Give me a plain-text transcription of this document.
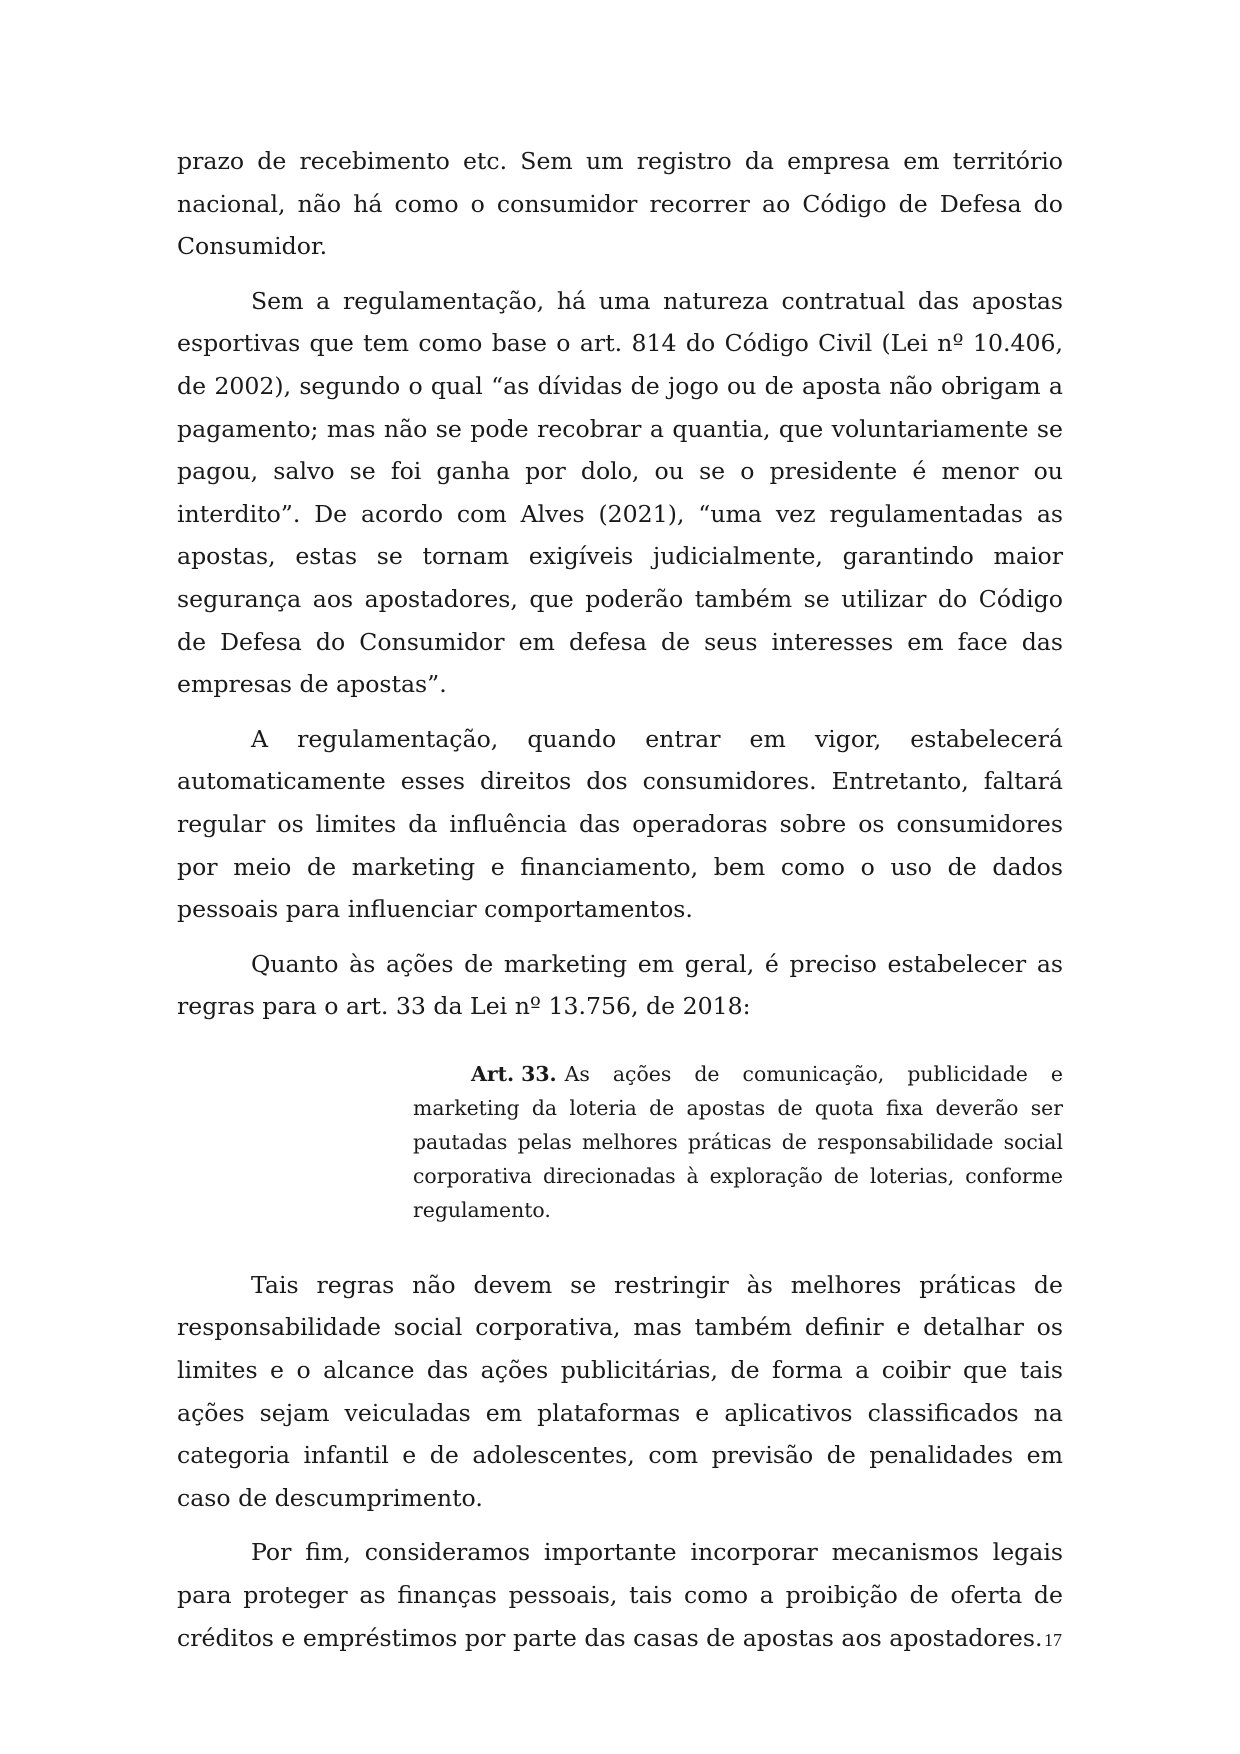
prazo de recebimento etc. Sem um registro da empresa em território nacional, não há como o consumidor recorrer ao Código de Defesa do Consumidor.

Sem a regulamentação, há uma natureza contratual das apostas esportivas que tem como base o art. 814 do Código Civil (Lei nº 10.406, de 2002), segundo o qual “as dívidas de jogo ou de aposta não obrigam a pagamento; mas não se pode recobrar a quantia, que voluntariamente se pagou, salvo se foi ganha por dolo, ou se o presidente é menor ou interdito”. De acordo com Alves (2021), “uma vez regulamentadas as apostas, estas se tornam exigíveis judicialmente, garantindo maior segurança aos apostadores, que poderão também se utilizar do Código de Defesa do Consumidor em defesa de seus interesses em face das empresas de apostas”.

A regulamentação, quando entrar em vigor, estabelecerá automaticamente esses direitos dos consumidores. Entretanto, faltará regular os limites da influência das operadoras sobre os consumidores por meio de marketing e financiamento, bem como o uso de dados pessoais para influenciar comportamentos.

Quanto às ações de marketing em geral, é preciso estabelecer as regras para o art. 33 da Lei nº 13.756, de 2018:

Art. 33. As ações de comunicação, publicidade e marketing da loteria de apostas de quota fixa deverão ser pautadas pelas melhores práticas de responsabilidade social corporativa direcionadas à exploração de loterias, conforme regulamento.

Tais regras não devem se restringir às melhores práticas de responsabilidade social corporativa, mas também definir e detalhar os limites e o alcance das ações publicitárias, de forma a coibir que tais ações sejam veiculadas em plataformas e aplicativos classificados na categoria infantil e de adolescentes, com previsão de penalidades em caso de descumprimento.

Por fim, consideramos importante incorporar mecanismos legais para proteger as finanças pessoais, tais como a proibição de oferta de créditos e empréstimos por parte das casas de apostas aos apostadores. 17
